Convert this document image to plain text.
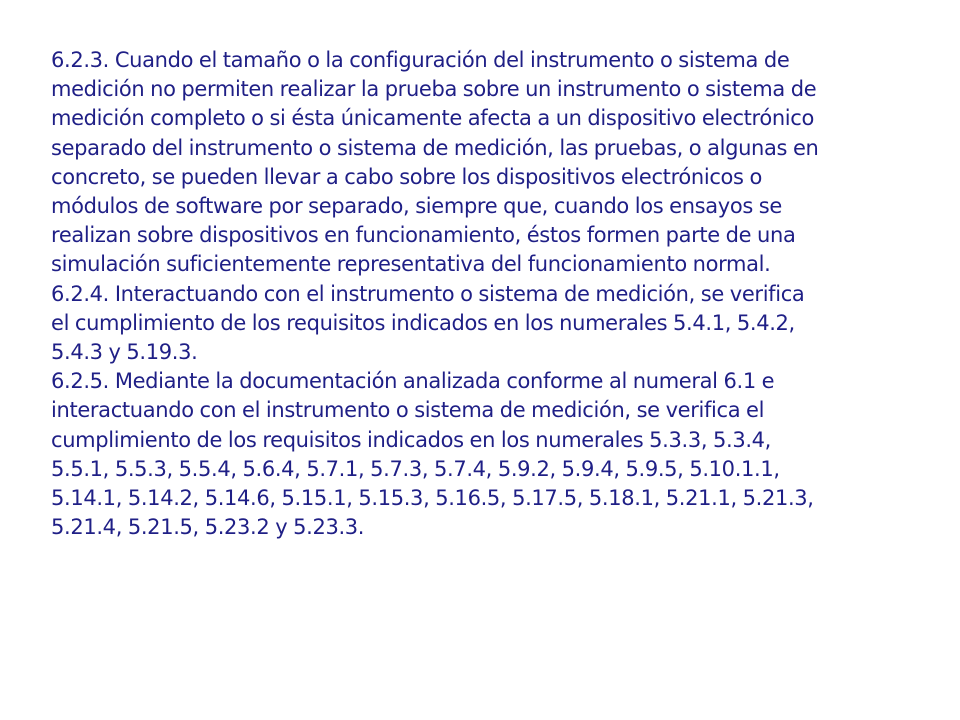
6.2.3. Cuando el tamaño o la configuración del instrumento o sistema de
medición no permiten realizar la prueba sobre un instrumento o sistema de
medición completo o si ésta únicamente afecta a un dispositivo electrónico
separado del instrumento o sistema de medición, las pruebas, o algunas en
concreto, se pueden llevar a cabo sobre los dispositivos electrónicos o
módulos de software por separado, siempre que, cuando los ensayos se
realizan sobre dispositivos en funcionamiento, éstos formen parte de una
simulación suficientemente representativa del funcionamiento normal.
6.2.4. Interactuando con el instrumento o sistema de medición, se verifica
el cumplimiento de los requisitos indicados en los numerales 5.4.1, 5.4.2,
5.4.3 y 5.19.3.
6.2.5. Mediante la documentación analizada conforme al numeral 6.1 e
interactuando con el instrumento o sistema de medición, se verifica el
cumplimiento de los requisitos indicados en los numerales 5.3.3, 5.3.4,
5.5.1, 5.5.3, 5.5.4, 5.6.4, 5.7.1, 5.7.3, 5.7.4, 5.9.2, 5.9.4, 5.9.5, 5.10.1.1,
5.14.1, 5.14.2, 5.14.6, 5.15.1, 5.15.3, 5.16.5, 5.17.5, 5.18.1, 5.21.1, 5.21.3,
5.21.4, 5.21.5, 5.23.2 y 5.23.3.
